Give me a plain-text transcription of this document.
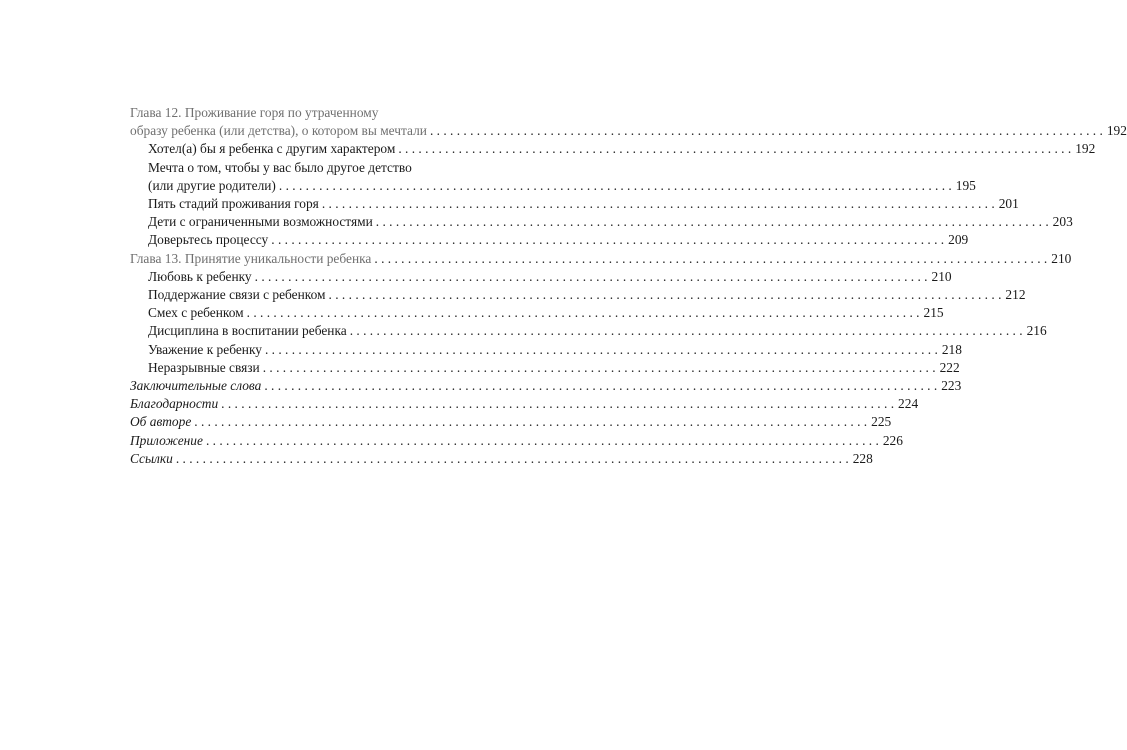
Глава 12. Проживание горя по утраченному
образу ребенка (или детства), о котором вы мечтали . . .	192
Хотел(а) бы я ребенка с другим характером . . .	192
Мечта о том, чтобы у вас было другое детство
(или другие родители) . . .	195
Пять стадий проживания горя . . .	201
Дети с ограниченными возможностями . . .	203
Доверьтесь процессу . . .	209
Глава 13. Принятие уникальности ребенка . . .	210
Любовь к ребенку . . .	210
Поддержание связи с ребенком . . .	212
Смех с ребенком . . .	215
Дисциплина в воспитании ребенка . . .	216
Уважение к ребенку . . .	218
Неразрывные связи . . .	222
Заключительные слова . . .	223
Благодарности . . .	224
Об авторе . . .	225
Приложение . . .	226
Ссылки . . .	228
